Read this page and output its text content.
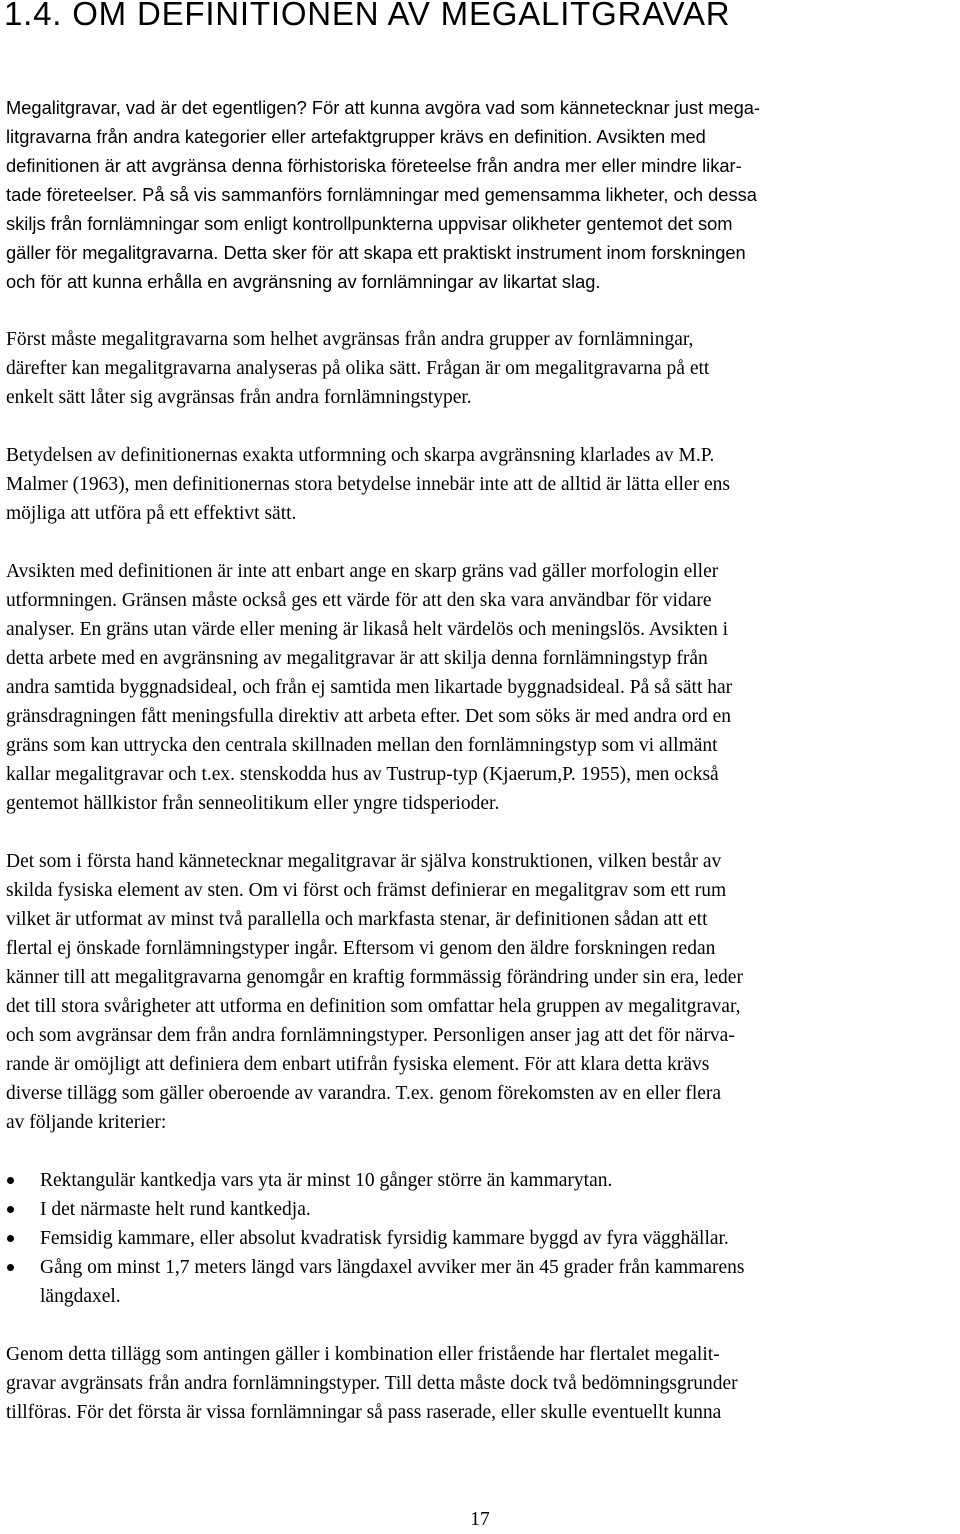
1.4. OM DEFINITIONEN AV MEGALITGRAVAR

Megalitgravar, vad är det egentligen? För att kunna avgöra vad som kännetecknar just mega-

litgravarna från andra kategorier eller artefaktgrupper krävs en definition. Avsikten med

definitionen är att avgränsa denna förhistoriska företeelse från andra mer eller mindre likar-

tade företeelser. På så vis sammanförs fornlämningar med gemensamma likheter, och dessa

skiljs från fornlämningar som enligt kontrollpunkterna uppvisar olikheter gentemot det som

gäller för megalitgravarna. Detta sker för att skapa ett praktiskt instrument inom forskningen

och för att kunna erhålla en avgränsning av fornlämningar av likartat slag.

Först måste megalitgravarna som helhet avgränsas från andra grupper av fornlämningar,

därefter kan megalitgravarna analyseras på olika sätt. Frågan är om megalitgravarna på ett

enkelt sätt låter sig avgränsas från andra fornlämningstyper.

Betydelsen av definitionernas exakta utformning och skarpa avgränsning klarlades av M.P.

Malmer (1963), men definitionernas stora betydelse innebär inte att de alltid är lätta eller ens

möjliga att utföra på ett effektivt sätt.

Avsikten med definitionen är inte att enbart ange en skarp gräns vad gäller morfologin eller

utformningen. Gränsen måste också ges ett värde för att den ska vara användbar för vidare

analyser. En gräns utan värde eller mening är likaså helt värdelös och meningslös. Avsikten i

detta arbete med en avgränsning av megalitgravar är att skilja denna fornlämningstyp från

andra samtida byggnadsideal, och från ej samtida men likartade byggnadsideal. På så sätt har

gränsdragningen fått meningsfulla direktiv att arbeta efter. Det som söks är med andra ord en

gräns som kan uttrycka den centrala skillnaden mellan den fornlämningstyp som vi allmänt

kallar megalitgravar och t.ex. stenskodda hus av Tustrup-typ (Kjaerum,P. 1955), men också

gentemot hällkistor från senneolitikum eller yngre tidsperioder.

Det som i första hand kännetecknar megalitgravar är själva konstruktionen, vilken består av

skilda fysiska element av sten. Om vi först och främst definierar en megalitgrav som ett rum

vilket är utformat av minst två parallella och markfasta stenar, är definitionen sådan att ett

flertal ej önskade fornlämningstyper ingår. Eftersom vi genom den äldre forskningen redan

känner till att megalitgravarna genomgår en kraftig formmässig förändring under sin era, leder

det till stora svårigheter att utforma en definition som omfattar hela gruppen av megalitgravar,

och som avgränsar dem från andra fornlämningstyper. Personligen anser jag att det för närva-

rande är omöjligt att definiera dem enbart utifrån fysiska element. För att klara detta krävs

diverse tillägg som gäller oberoende av varandra. T.ex. genom förekomsten av en eller flera

av följande kriterier:

Rektangulär kantkedja vars yta är minst 10 gånger större än kammarytan.

I det närmaste helt rund kantkedja.

Femsidig kammare, eller absolut kvadratisk fyrsidig kammare byggd av fyra vägghällar.

Gång om minst 1,7 meters längd vars längdaxel avviker mer än 45 grader från kammarens

längdaxel.

Genom detta tillägg som antingen gäller i kombination eller fristående har flertalet megalit-

gravar avgränsats från andra fornlämningstyper. Till detta måste dock två bedömningsgrunder

tillföras. För det första är vissa fornlämningar så pass raserade, eller skulle eventuellt kunna

17
